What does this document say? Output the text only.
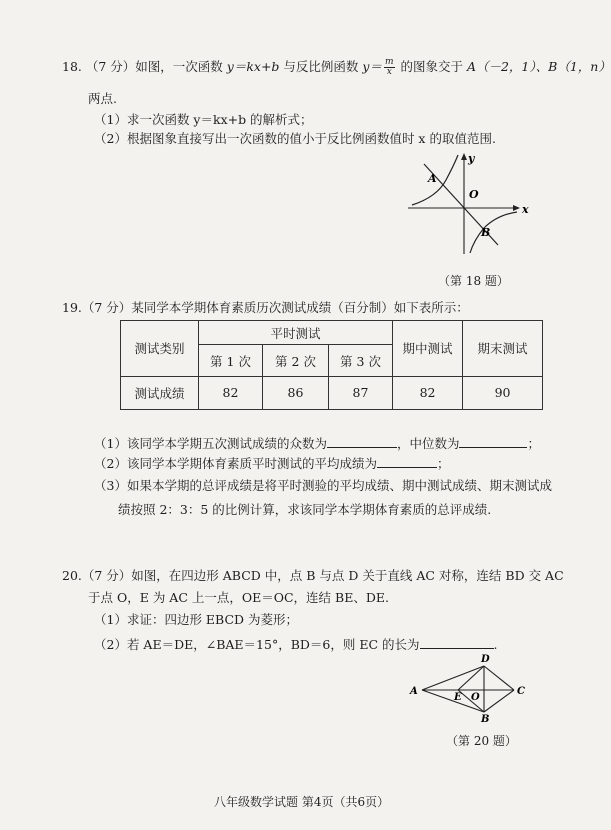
18. （7 分）如图，一次函数 y＝kx+b 与反比例函数 $y= \frac{m}{x}$ 的图象交于 A（－2，1）、B（1，n）
两点.
（1）求一次函数 y＝kx+b 的解析式；
（2）根据图象直接写出一次函数的值小于反比例函数值时 x 的取值范围.
A
O
B
x
y
（第 18 题）
19.（7 分）某同学本学期体育素质历次测试成绩（百分制）如下表所示：
测试类别	平时测试			期中测试	期末测试
	第 1 次	第 2 次	第 3 次		
测试成绩	82	86	87	82	90
（1）该同学本学期五次测试成绩的众数为	，中位数为	；
（2）该同学本学期体育素质平时测试的平均成绩为	；
（3）如果本学期的总评成绩是将平时测验的平均成绩、期中测试成绩、期末测试成
绩按照 2：3：5 的比例计算，求该同学本学期体育素质的总评成绩.
20.（7 分）如图，在四边形 ABCD 中，点 B 与点 D 关于直线 AC 对称，连结 BD 交 AC
于点 O，E 为 AC 上一点，OE＝OC，连结 BE、DE.
（1）求证：四边形 EBCD 为菱形；
（2）若 AE＝DE，∠BAE＝15°，BD＝6，则 EC 的长为	.
A
E O
C
D
B
（第 20 题）
八年级数学试题 第4页（共6页）
